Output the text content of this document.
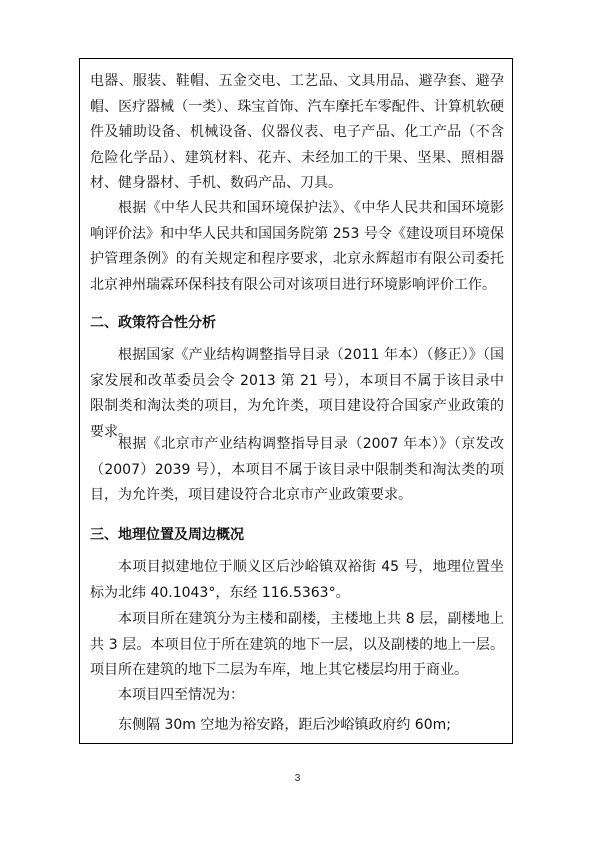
电器、服装、鞋帽、五金交电、工艺品、文具用品、避孕套、避孕帽、医疗器械（一类）、珠宝首饰、汽车摩托车零配件、计算机软硬件及辅助设备、机械设备、仪器仪表、电子产品、化工产品（不含危险化学品）、建筑材料、花卉、未经加工的干果、坚果、照相器材、健身器材、手机、数码产品、刀具。

根据《中华人民共和国环境保护法》、《中华人民共和国环境影响评价法》和中华人民共和国国务院第 253 号令《建设项目环境保护管理条例》的有关规定和程序要求，北京永辉超市有限公司委托北京神州瑞霖环保科技有限公司对该项目进行环境影响评价工作。

二、政策符合性分析

根据国家《产业结构调整指导目录（2011 年本）（修正）》（国家发展和改革委员会令 2013 第 21 号），本项目不属于该目录中限制类和淘汰类的项目，为允许类，项目建设符合国家产业政策的要求。

根据《北京市产业结构调整指导目录（2007 年本）》（京发改（2007）2039 号），本项目不属于该目录中限制类和淘汰类的项目，为允许类，项目建设符合北京市产业政策要求。

三、地理位置及周边概况

本项目拟建地位于顺义区后沙峪镇双裕街 45 号，地理位置坐标为北纬 40.1043°，东经 116.5363°。

本项目所在建筑分为主楼和副楼，主楼地上共 8 层，副楼地上共 3 层。本项目位于所在建筑的地下一层，以及副楼的地上一层。项目所在建筑的地下二层为车库，地上其它楼层均用于商业。

本项目四至情况为：

东侧隔 30m 空地为裕安路，距后沙峪镇政府约 60m;

3
